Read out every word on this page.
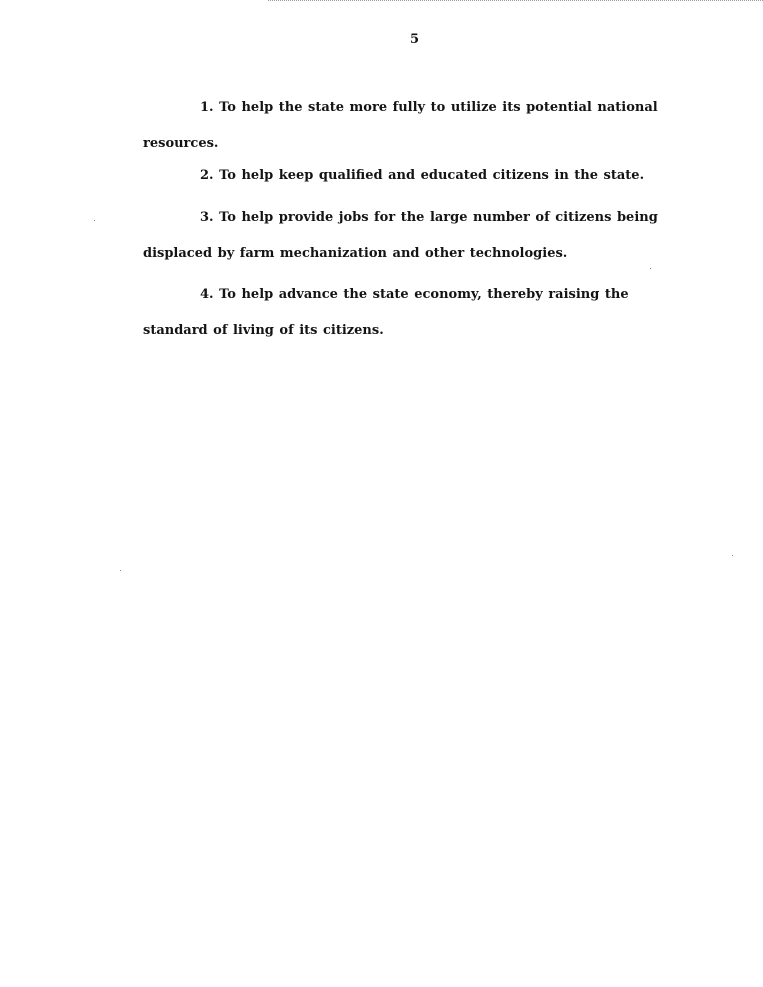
5
1. To help the state more fully to utilize its potential national
resources.
2. To help keep qualified and educated citizens in the state.
3. To help provide jobs for the large number of citizens being
displaced by farm mechanization and other technologies.
4. To help advance the state economy, thereby raising the
standard of living of its citizens.
